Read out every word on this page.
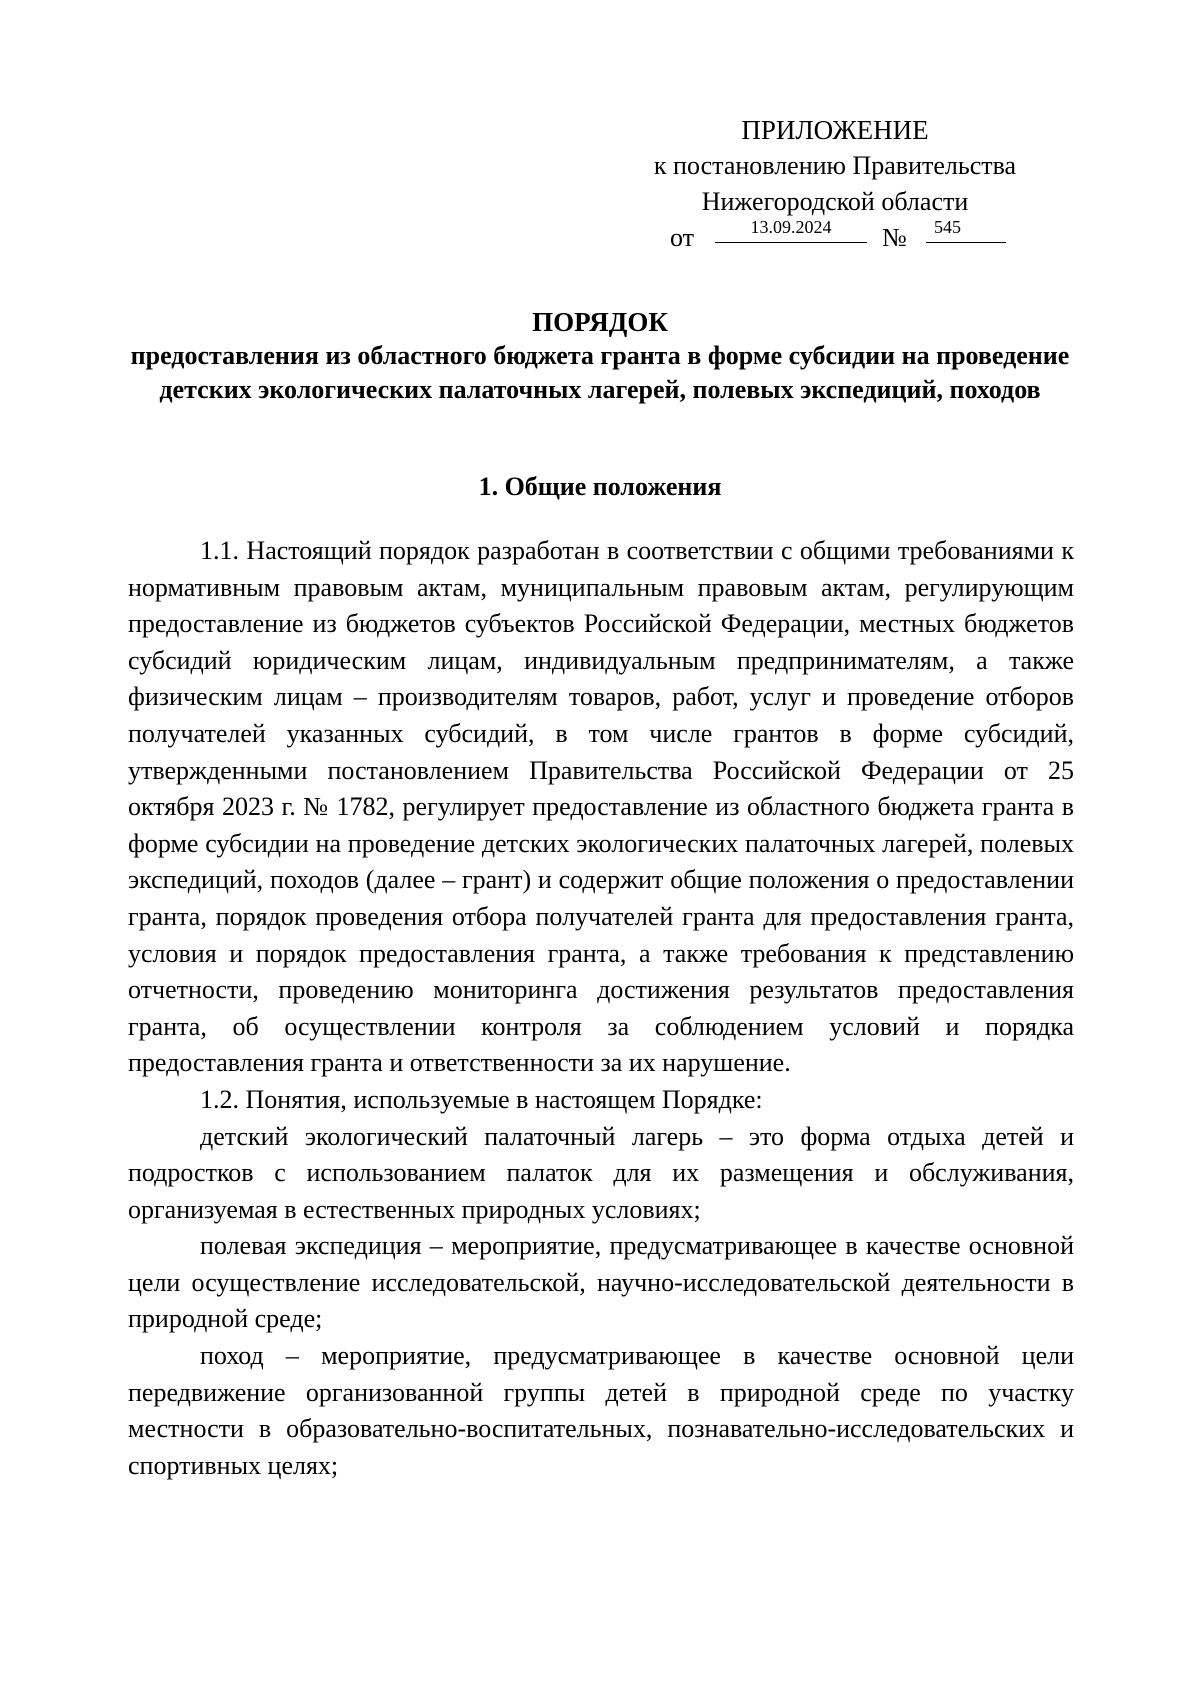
ПРИЛОЖЕНИЕ
к постановлению Правительства
Нижегородской области
от	13.09.2024	№	545
ПОРЯДОК
предоставления из областного бюджета гранта в форме субсидии на проведение детских экологических палаточных лагерей, полевых экспедиций, походов
1. Общие положения

1.1. Настоящий порядок разработан в соответствии с общими требованиями к нормативным правовым актам, муниципальным правовым актам, регулирующим предоставление из бюджетов субъектов Российской Федерации, местных бюджетов субсидий юридическим лицам, индивидуальным предпринимателям, а также физическим лицам – производителям товаров, работ, услуг и проведение отборов получателей указанных субсидий, в том числе грантов в форме субсидий, утвержденными постановлением Правительства Российской Федерации от 25 октября 2023 г. № 1782, регулирует предоставление из областного бюджета гранта в форме субсидии на проведение детских экологических палаточных лагерей, полевых экспедиций, походов (далее – грант) и содержит общие положения о предоставлении гранта, порядок проведения отбора получателей гранта для предоставления гранта, условия и порядок предоставления гранта, а также требования к представлению отчетности, проведению мониторинга достижения результатов предоставления гранта, об осуществлении контроля за соблюдением условий и порядка предоставления гранта и ответственности за их нарушение.

1.2. Понятия, используемые в настоящем Порядке:

детский экологический палаточный лагерь – это форма отдыха детей и подростков с использованием палаток для их размещения и обслуживания, организуемая в естественных природных условиях;

полевая экспедиция – мероприятие, предусматривающее в качестве основной цели осуществление исследовательской, научно-исследовательской деятельности в природной среде;

поход – мероприятие, предусматривающее в качестве основной цели передвижение организованной группы детей в природной среде по участку местности в образовательно-воспитательных, познавательно-исследовательских и спортивных целях;
